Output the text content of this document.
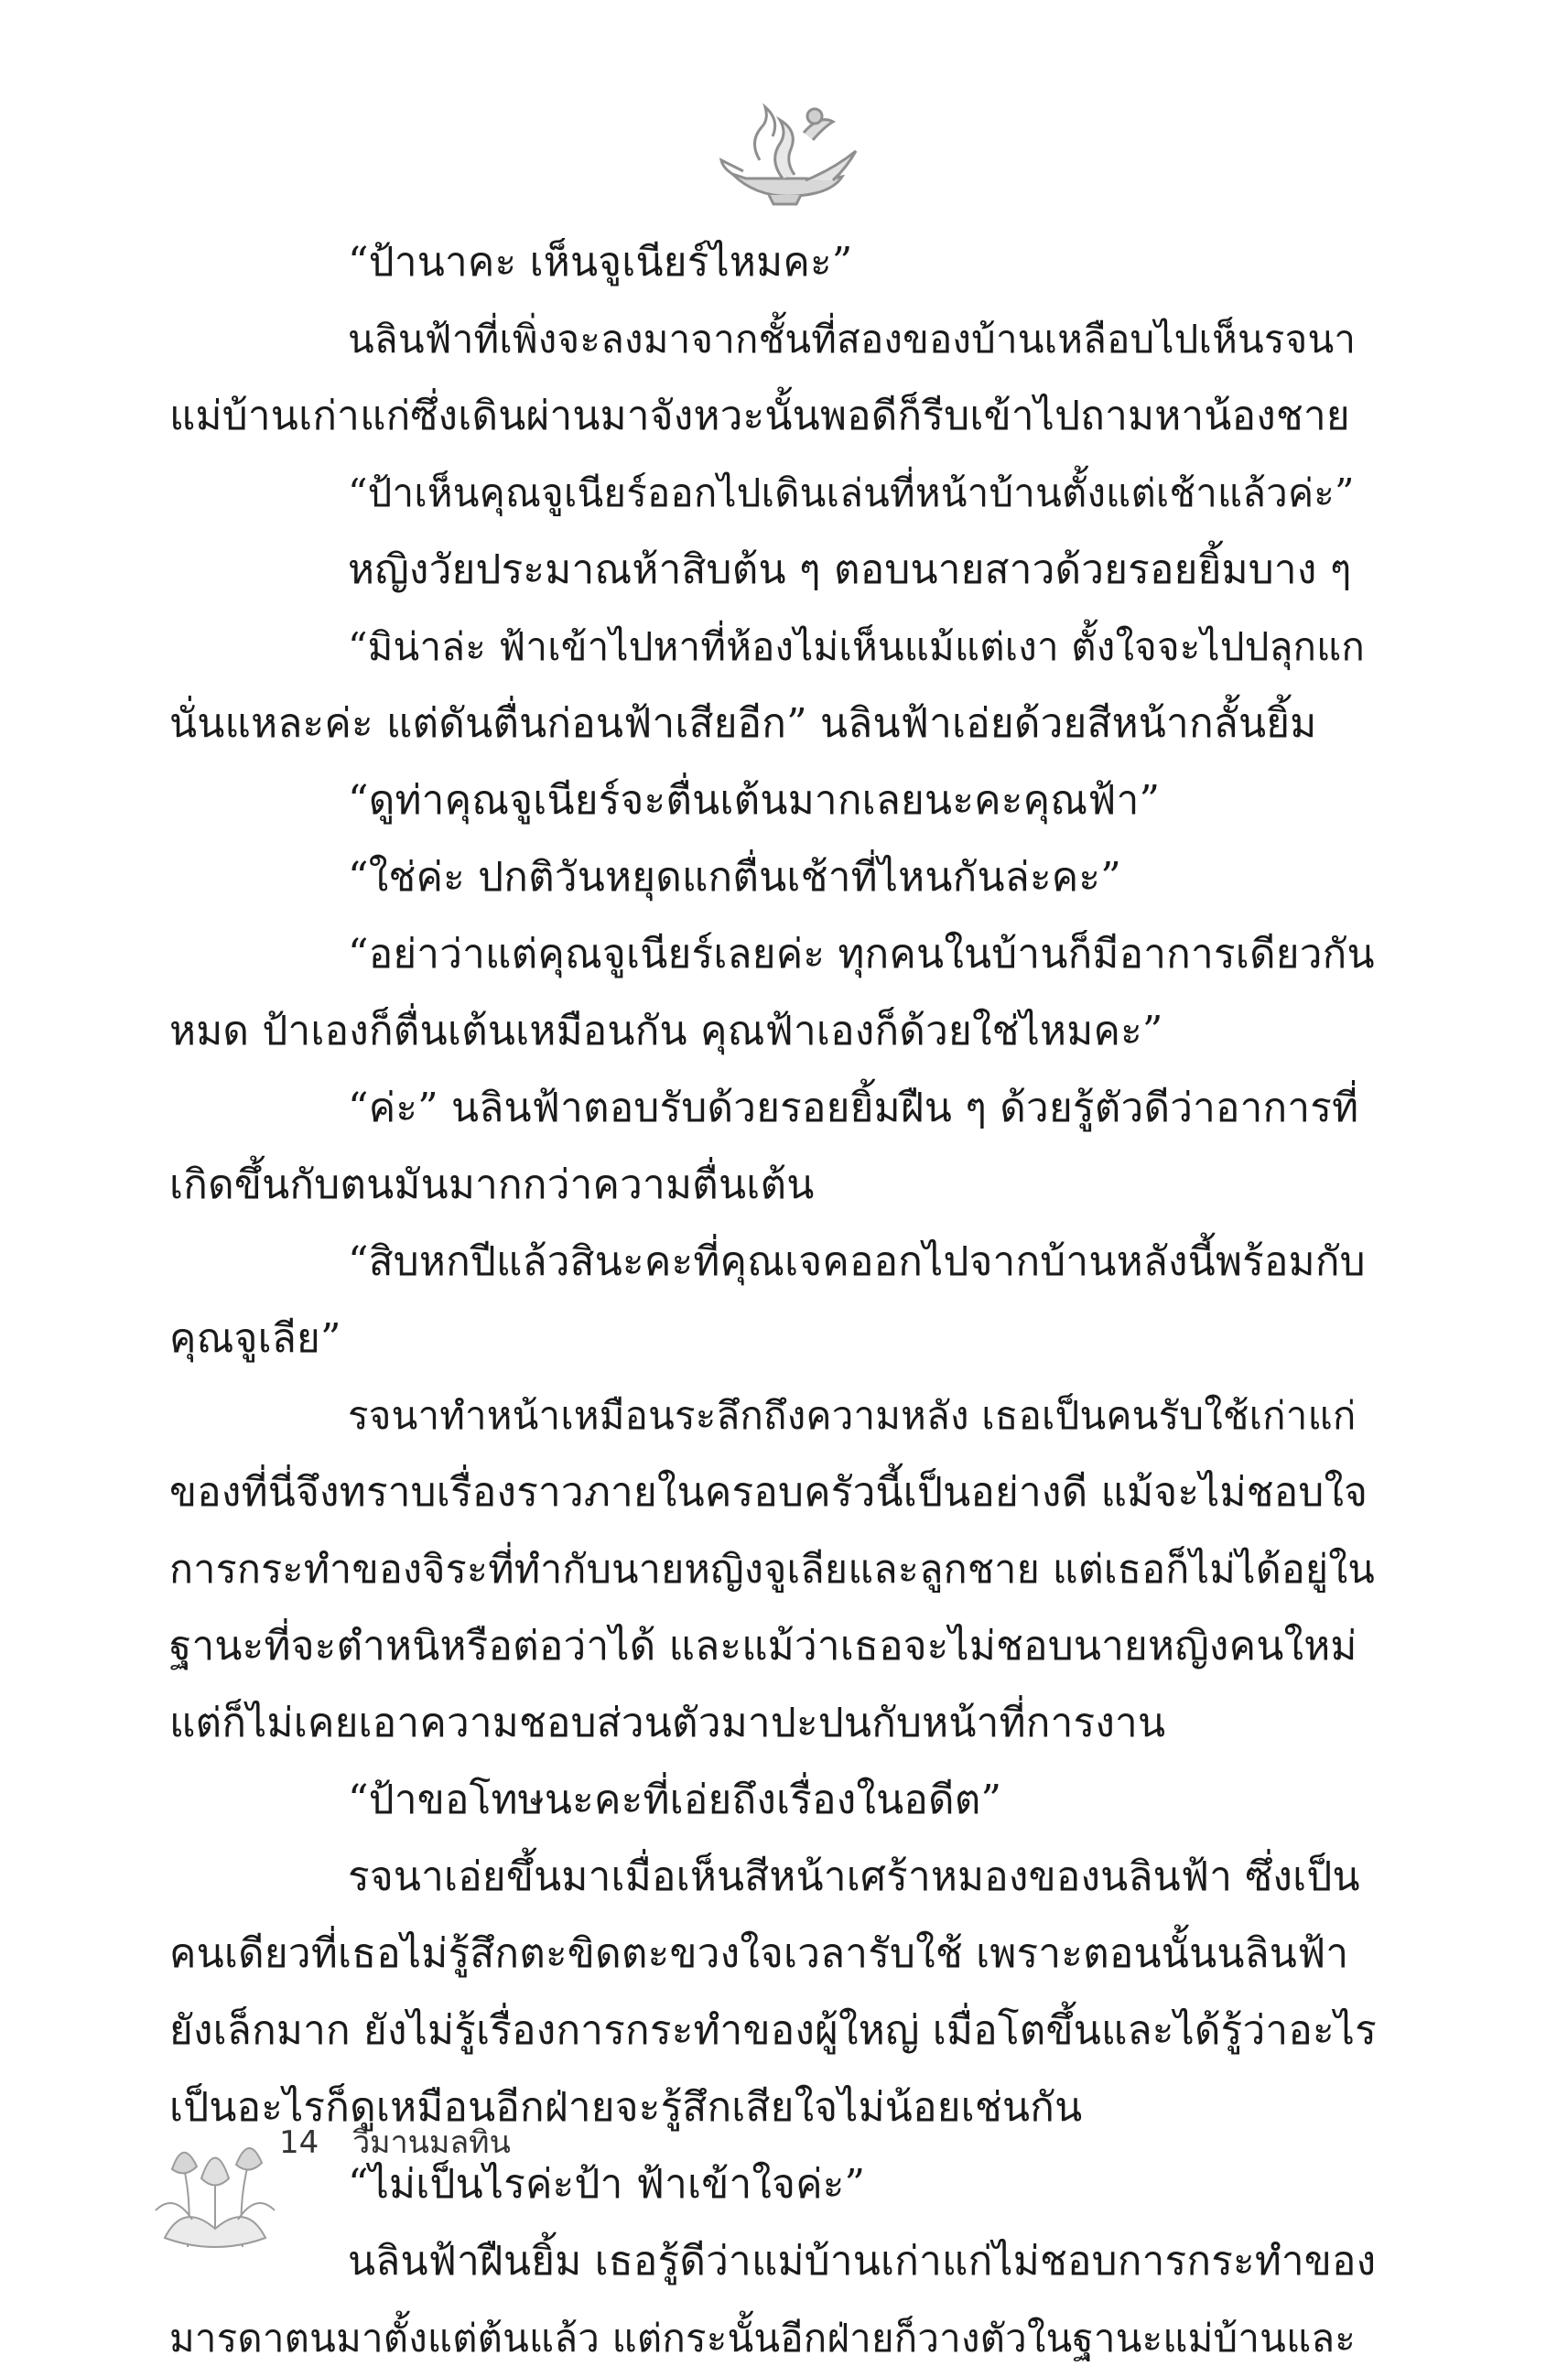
“ป้านาคะ เห็นจูเนียร์ไหมคะ”
นลินฟ้าที่เพิ่งจะลงมาจากชั้นที่สองของบ้านเหลือบไปเห็นรจนา
แม่บ้านเก่าแก่ซึ่งเดินผ่านมาจังหวะนั้นพอดีก็รีบเข้าไปถามหาน้องชาย
“ป้าเห็นคุณจูเนียร์ออกไปเดินเล่นที่หน้าบ้านตั้งแต่เช้าแล้วค่ะ”
หญิงวัยประมาณห้าสิบต้น ๆ ตอบนายสาวด้วยรอยยิ้มบาง ๆ
“มิน่าล่ะ ฟ้าเข้าไปหาที่ห้องไม่เห็นแม้แต่เงา ตั้งใจจะไปปลุกแก
นั่นแหละค่ะ แต่ดันตื่นก่อนฟ้าเสียอีก” นลินฟ้าเอ่ยด้วยสีหน้ากลั้นยิ้ม
“ดูท่าคุณจูเนียร์จะตื่นเต้นมากเลยนะคะคุณฟ้า”
“ใช่ค่ะ ปกติวันหยุดแกตื่นเช้าที่ไหนกันล่ะคะ”
“อย่าว่าแต่คุณจูเนียร์เลยค่ะ ทุกคนในบ้านก็มีอาการเดียวกัน
หมด ป้าเองก็ตื่นเต้นเหมือนกัน คุณฟ้าเองก็ด้วยใช่ไหมคะ”
“ค่ะ” นลินฟ้าตอบรับด้วยรอยยิ้มฝืน ๆ ด้วยรู้ตัวดีว่าอาการที่
เกิดขึ้นกับตนมันมากกว่าความตื่นเต้น
“สิบหกปีแล้วสินะคะที่คุณเจคออกไปจากบ้านหลังนี้พร้อมกับ
คุณจูเลีย”
รจนาทำหน้าเหมือนระลึกถึงความหลัง เธอเป็นคนรับใช้เก่าแก่
ของที่นี่จึงทราบเรื่องราวภายในครอบครัวนี้เป็นอย่างดี แม้จะไม่ชอบใจ
การกระทำของจิระที่ทำกับนายหญิงจูเลียและลูกชาย แต่เธอก็ไม่ได้อยู่ใน
ฐานะที่จะตำหนิหรือต่อว่าได้ และแม้ว่าเธอจะไม่ชอบนายหญิงคนใหม่
แต่ก็ไม่เคยเอาความชอบส่วนตัวมาปะปนกับหน้าที่การงาน
“ป้าขอโทษนะคะที่เอ่ยถึงเรื่องในอดีต”
รจนาเอ่ยขึ้นมาเมื่อเห็นสีหน้าเศร้าหมองของนลินฟ้า ซึ่งเป็น
คนเดียวที่เธอไม่รู้สึกตะขิดตะขวงใจเวลารับใช้ เพราะตอนนั้นนลินฟ้า
ยังเล็กมาก ยังไม่รู้เรื่องการกระทำของผู้ใหญ่ เมื่อโตขึ้นและได้รู้ว่าอะไร
เป็นอะไรก็ดูเหมือนอีกฝ่ายจะรู้สึกเสียใจไม่น้อยเช่นกัน
“ไม่เป็นไรค่ะป้า ฟ้าเข้าใจค่ะ”
นลินฟ้าฝืนยิ้ม เธอรู้ดีว่าแม่บ้านเก่าแก่ไม่ชอบการกระทำของ
มารดาตนมาตั้งแต่ต้นแล้ว แต่กระนั้นอีกฝ่ายก็วางตัวในฐานะแม่บ้านและ
14 วิมานมลทิน
